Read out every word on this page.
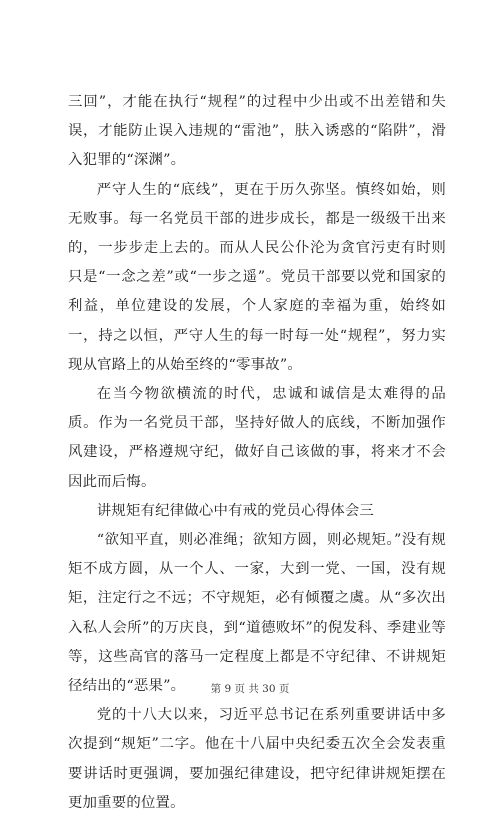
三回”，才能在执行“规程”的过程中少出或不出差错和失误，才能防止误入违规的“雷池”，肤入诱惑的“陷阱”，滑入犯罪的“深渊”。

严守人生的“底线”，更在于历久弥坚。慎终如始，则无败事。每一名党员干部的进步成长，都是一级级干出来的，一步步走上去的。而从人民公仆沦为贪官污吏有时则只是“一念之差”或“一步之遥”。党员干部要以党和国家的利益，单位建设的发展，个人家庭的幸福为重，始终如一，持之以恒，严守人生的每一时每一处“规程”，努力实现从官路上的从始至终的“零事故”。

在当今物欲横流的时代，忠诚和诚信是太难得的品质。作为一名党员干部，坚持好做人的底线，不断加强作风建设，严格遵规守纪，做好自己该做的事，将来才不会因此而后悔。

讲规矩有纪律做心中有戒的党员心得体会三

“欲知平直，则必准绳；欲知方圆，则必规矩。”没有规矩不成方圆，从一个人、一家，大到一党、一国，没有规矩，注定行之不远；不守规矩，必有倾覆之虞。从“多次出入私人会所”的万庆良，到“道德败坏”的倪发科、季建业等等，这些高官的落马一定程度上都是不守纪律、不讲规矩径结出的“恶果”。

党的十八大以来，习近平总书记在系列重要讲话中多次提到“规矩”二字。他在十八届中央纪委五次全会发表重要讲话时更强调，要加强纪律建设，把守纪律讲规矩摆在更加重要的位置。

第 9 页 共 30 页
